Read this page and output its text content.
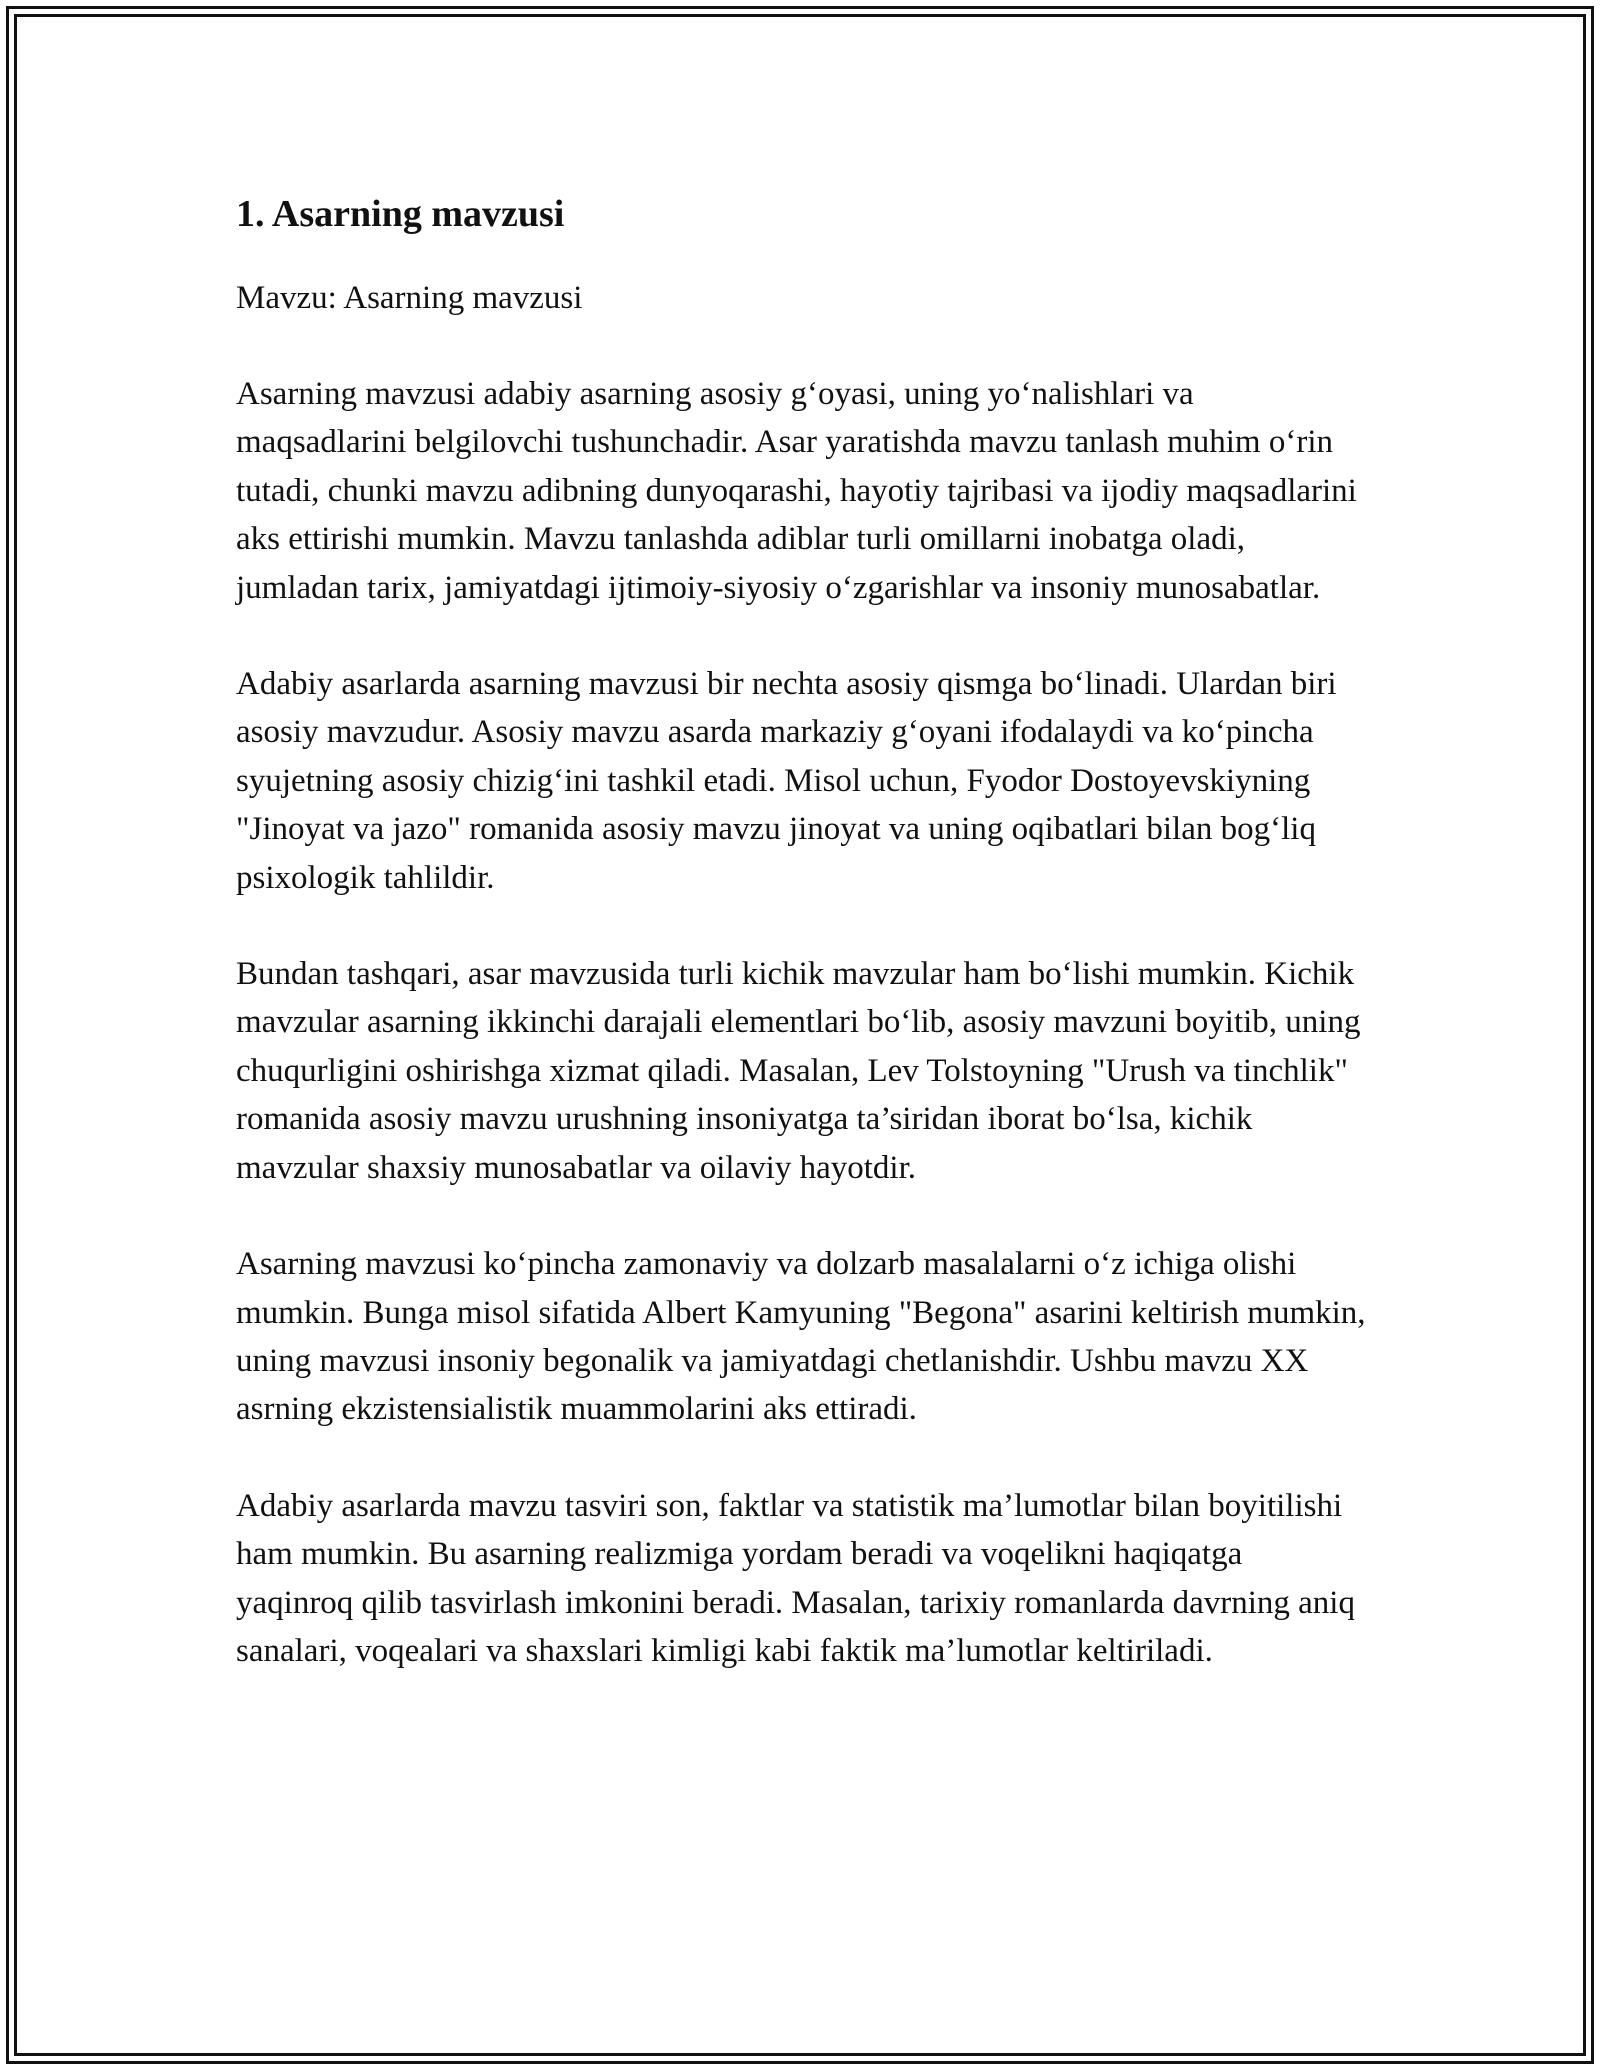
1. Asarning mavzusi

Mavzu: Asarning mavzusi

Asarning mavzusi adabiy asarning asosiy g‘oyasi, uning yo‘nalishlari va maqsadlarini belgilovchi tushunchadir. Asar yaratishda mavzu tanlash muhim o‘rin tutadi, chunki mavzu adibning dunyoqarashi, hayotiy tajribasi va ijodiy maqsadlarini aks ettirishi mumkin. Mavzu tanlashda adiblar turli omillarni inobatga oladi, jumladan tarix, jamiyatdagi ijtimoiy-siyosiy o‘zgarishlar va insoniy munosabatlar.

Adabiy asarlarda asarning mavzusi bir nechta asosiy qismga bo‘linadi. Ulardan biri asosiy mavzudur. Asosiy mavzu asarda markaziy g‘oyani ifodalaydi va ko‘pincha syujetning asosiy chizig‘ini tashkil etadi. Misol uchun, Fyodor Dostoyevskiyning "Jinoyat va jazo" romanida asosiy mavzu jinoyat va uning oqibatlari bilan bog‘liq psixologik tahlildir.

Bundan tashqari, asar mavzusida turli kichik mavzular ham bo‘lishi mumkin. Kichik mavzular asarning ikkinchi darajali elementlari bo‘lib, asosiy mavzuni boyitib, uning chuqurligini oshirishga xizmat qiladi. Masalan, Lev Tolstoyning "Urush va tinchlik" romanida asosiy mavzu urushning insoniyatga ta’siridan iborat bo‘lsa, kichik mavzular shaxsiy munosabatlar va oilaviy hayotdir.

Asarning mavzusi ko‘pincha zamonaviy va dolzarb masalalarni o‘z ichiga olishi mumkin. Bunga misol sifatida Albert Kamyuning "Begona" asarini keltirish mumkin, uning mavzusi insoniy begonalik va jamiyatdagi chetlanishdir. Ushbu mavzu XX asrning ekzistensialistik muammolarini aks ettiradi.

Adabiy asarlarda mavzu tasviri son, faktlar va statistik ma’lumotlar bilan boyitilishi ham mumkin. Bu asarning realizmiga yordam beradi va voqelikni haqiqatga yaqinroq qilib tasvirlash imkonini beradi. Masalan, tarixiy romanlarda davrning aniq sanalari, voqealari va shaxslari kimligi kabi faktik ma’lumotlar keltiriladi.
